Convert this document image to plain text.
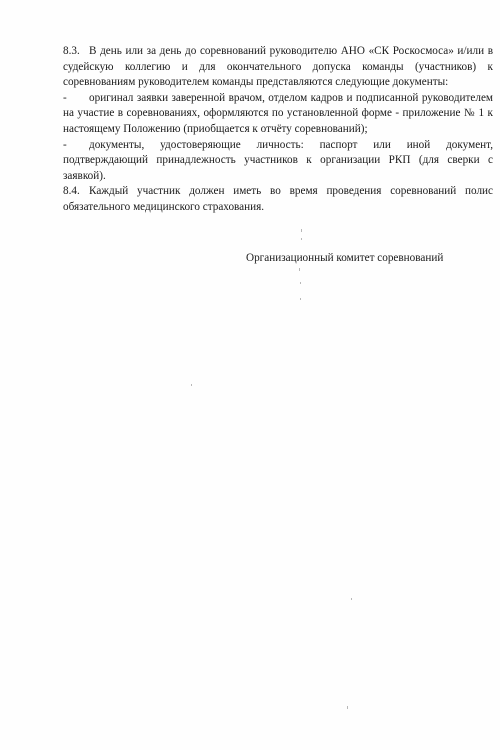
8.3. В день или за день до соревнований руководителю АНО «СК Роскосмоса» и/или в судейскую коллегию и для окончательного допуска команды (участников) к соревнованиям руководителем команды представляются следующие документы:

- оригинал заявки заверенной врачом, отделом кадров и подписанной руководителем на участие в соревнованиях, оформляются по установленной форме - приложение № 1 к настоящему Положению (приобщается к отчёту соревнований);

- документы, удостоверяющие личность: паспорт или иной документ, подтверждающий принадлежность участников к организации РКП (для сверки с заявкой).

8.4. Каждый участник должен иметь во время проведения соревнований полис обязательного медицинского страхования.

Организационный комитет соревнований
